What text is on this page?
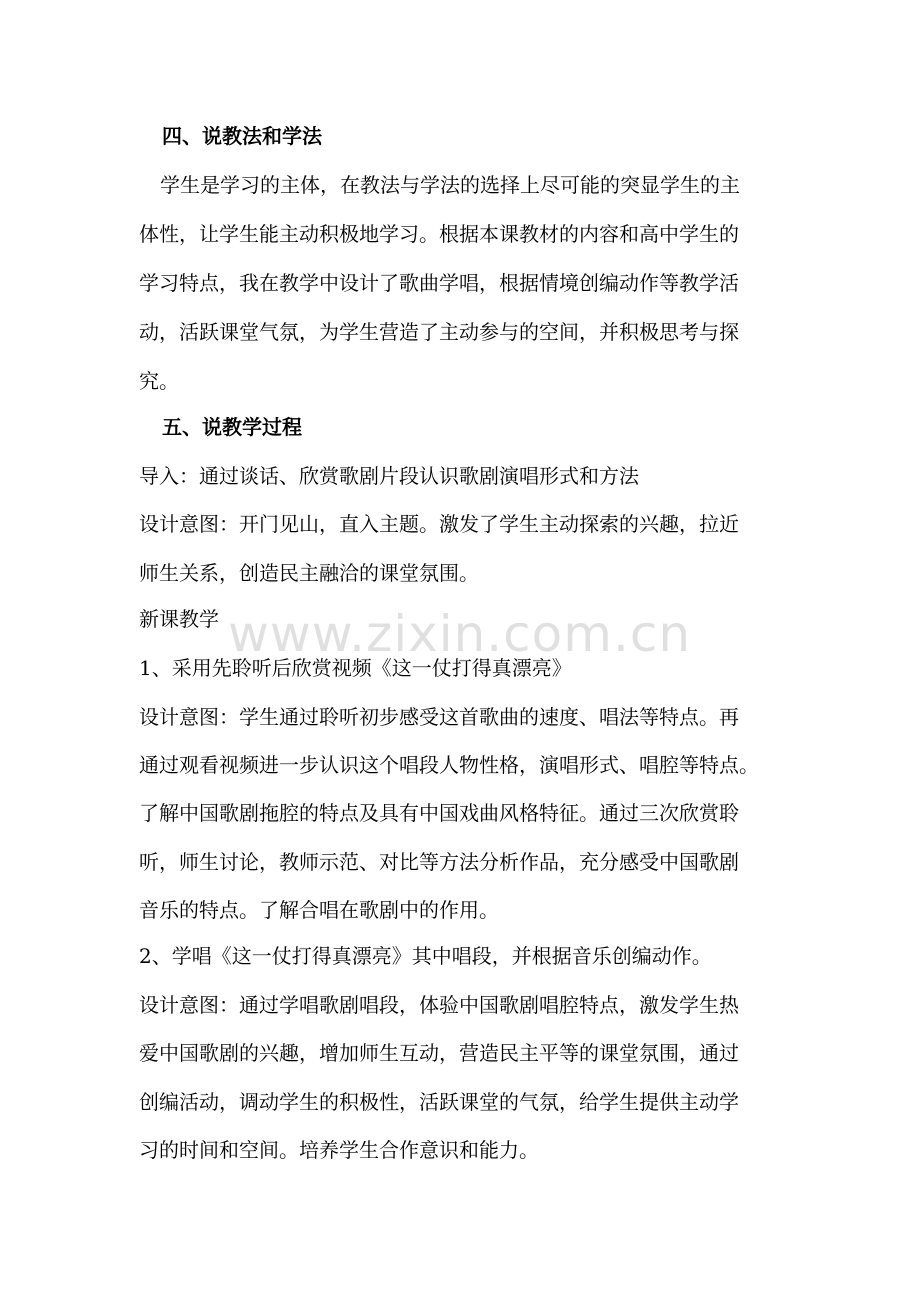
四、说教法和学法
学生是学习的主体，在教法与学法的选择上尽可能的突显学生的主
体性，让学生能主动积极地学习。根据本课教材的内容和高中学生的
学习特点，我在教学中设计了歌曲学唱，根据情境创编动作等教学活
动，活跃课堂气氛，为学生营造了主动参与的空间，并积极思考与探
究。
五、说教学过程
导入：通过谈话、欣赏歌剧片段认识歌剧演唱形式和方法
设计意图：开门见山，直入主题。激发了学生主动探索的兴趣，拉近
师生关系，创造民主融洽的课堂氛围。
新课教学
1、采用先聆听后欣赏视频《这一仗打得真漂亮》
设计意图：学生通过聆听初步感受这首歌曲的速度、唱法等特点。再
通过观看视频进一步认识这个唱段人物性格，演唱形式、唱腔等特点。
了解中国歌剧拖腔的特点及具有中国戏曲风格特征。通过三次欣赏聆
听，师生讨论，教师示范、对比等方法分析作品，充分感受中国歌剧
音乐的特点。了解合唱在歌剧中的作用。
2、学唱《这一仗打得真漂亮》其中唱段，并根据音乐创编动作。
设计意图：通过学唱歌剧唱段，体验中国歌剧唱腔特点，激发学生热
爱中国歌剧的兴趣，增加师生互动，营造民主平等的课堂氛围，通过
创编活动，调动学生的积极性，活跃课堂的气氛，给学生提供主动学
习的时间和空间。培养学生合作意识和能力。
www.zixin.com.cn
